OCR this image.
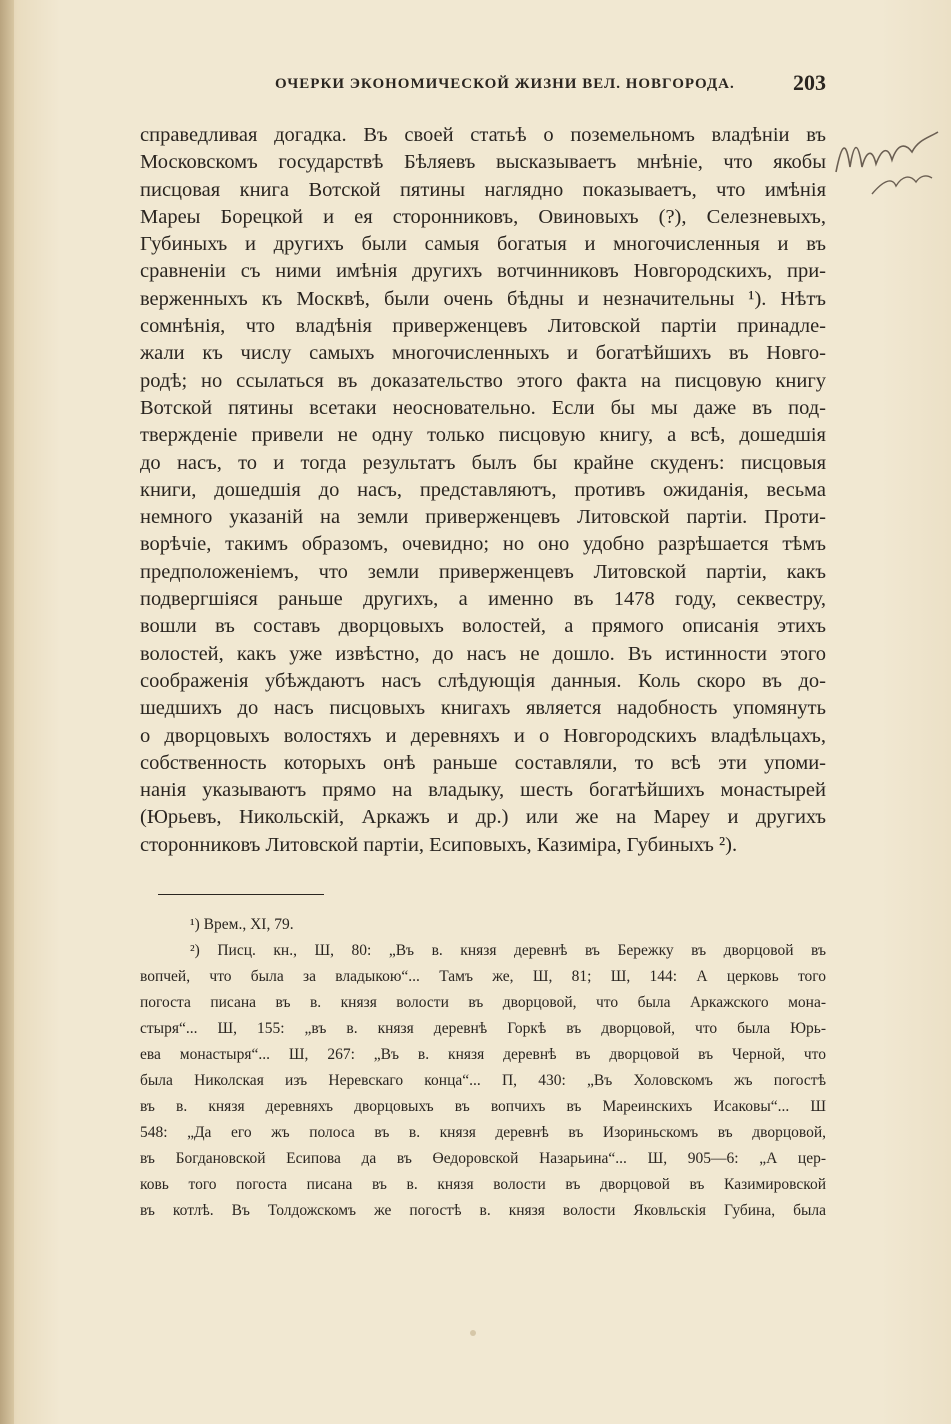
ОЧЕРКИ ЭКОНОМИЧЕСКОЙ ЖИЗНИ ВЕЛ. НОВГОРОДА.	203
справедливая догадка. Въ своей статьѣ о поземельномъ владѣніи въ
Московскомъ государствѣ Бѣляевъ высказываетъ мнѣніе, что якобы
писцовая книга Вотской пятины наглядно показываетъ, что имѣнія
Мареы Борецкой и ея сторонниковъ, Овиновыхъ (?), Селезневыхъ,
Губиныхъ и другихъ были самыя богатыя и многочисленныя и въ
сравненіи съ ними имѣнія другихъ вотчинниковъ Новгородскихъ, при-
верженныхъ къ Москвѣ, были очень бѣдны и незначительны ¹). Нѣтъ
сомнѣнія, что владѣнія приверженцевъ Литовской партіи принадле-
жали къ числу самыхъ многочисленныхъ и богатѣйшихъ въ Новго-
родѣ; но ссылаться въ доказательство этого факта на писцовую книгу
Вотской пятины всетаки неосновательно. Если бы мы даже въ под-
твержденіе привели не одну только писцовую книгу, а всѣ, дошедшія
до насъ, то и тогда результатъ былъ бы крайне скуденъ: писцовыя
книги, дошедшія до насъ, представляютъ, противъ ожиданія, весьма
немного указаній на земли приверженцевъ Литовской партіи. Проти-
ворѣчіе, такимъ образомъ, очевидно; но оно удобно разрѣшается тѣмъ
предположеніемъ, что земли приверженцевъ Литовской партіи, какъ
подвергшіяся раньше другихъ, а именно въ 1478 году, секвестру,
вошли въ составъ дворцовыхъ волостей, а прямого описанія этихъ
волостей, какъ уже извѣстно, до насъ не дошло. Въ истинности этого
соображенія убѣждаютъ насъ слѣдующія данныя. Коль скоро въ до-
шедшихъ до насъ писцовыхъ книгахъ является надобность упомянуть
о дворцовыхъ волостяхъ и деревняхъ и о Новгородскихъ владѣльцахъ,
собственность которыхъ онѣ раньше составляли, то всѣ эти упоми-
нанія указываютъ прямо на владыку, шесть богатѣйшихъ монастырей
(Юрьевъ, Никольскій, Аркажъ и др.) или же на Мареу и другихъ
сторонниковъ Литовской партіи, Есиповыхъ, Казиміра, Губиныхъ ²).
¹) Врем., XI, 79.
²) Писц. кн., Ш, 80: „Въ в. князя деревнѣ въ Бережку въ дворцовой въ
вопчей, что была за владыкою“... Тамъ же, Ш, 81; Ш, 144: А церковь того
погоста писана въ в. князя волости въ дворцовой, что была Аркажского мона-
стыря“... Ш, 155: „въ в. князя деревнѣ Горкѣ въ дворцовой, что была Юрь-
ева монастыря“... Ш, 267: „Въ в. князя деревнѣ въ дворцовой въ Черной, что
была Николская изъ Неревскаго конца“... П, 430: „Въ Холовскомъ жъ погостѣ
въ в. князя деревняхъ дворцовыхъ въ вопчихъ въ Мареинскихъ Исаковы“... Ш
548: „Да его жъ полоса въ в. князя деревнѣ въ Изориньскомъ въ дворцовой,
въ Богдановской Есипова да въ Өедоровской Назарьина“... Ш, 905—6: „А цер-
ковь того погоста писана въ в. князя волости въ дворцовой въ Казимировской
въ котлѣ. Въ Толдожскомъ же погостѣ в. князя волости Яковльскія Губина, была
